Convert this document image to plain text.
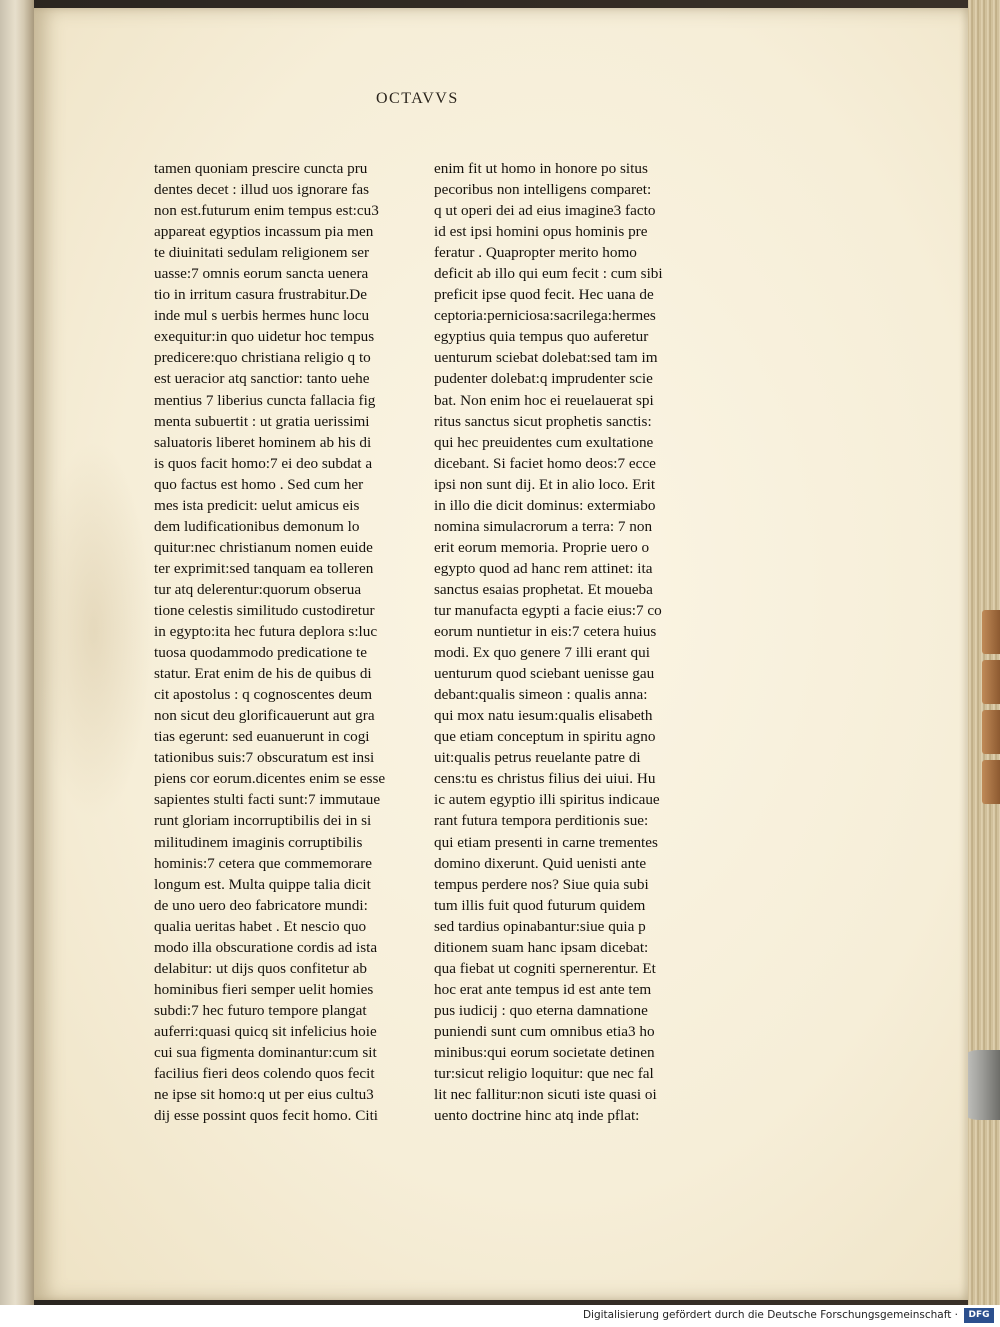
OCTAVVS
tamen quoniam prescire cuncta pru
dentes decet : illud uos ignorare fas
non est.futurum enim tempus est:cu3
appareat egyptios incassum pia men
te diuinitati sedulam religionem ser
uasse:7 omnis eorum sancta uenera
tio in irritum casura frustrabitur.De
inde mul s uerbis hermes hunc locu
exequitur:in quo uidetur hoc tempus
predicere:quo christiana religio q to
est ueracior atq sanctior: tanto uehe
mentius 7 liberius cuncta fallacia fig
menta subuertit : ut gratia uerissimi
saluatoris liberet hominem ab his di
is quos facit homo:7 ei deo subdat a
quo factus est homo . Sed cum her
mes ista predicit: uelut amicus eis
dem ludificationibus demonum lo
quitur:nec christianum nomen euide
ter exprimit:sed tanquam ea tolleren
tur atq delerentur:quorum obserua
tione celestis similitudo custodiretur
in egypto:ita hec futura deplora s:luc
tuosa quodammodo predicatione te
statur. Erat enim de his de quibus di
cit apostolus : q cognoscentes deum
non sicut deu glorificauerunt aut gra
tias egerunt: sed euanuerunt in cogi
tationibus suis:7 obscuratum est insi
piens cor eorum.dicentes enim se esse
sapientes stulti facti sunt:7 immutaue
runt gloriam incorruptibilis dei in si
militudinem imaginis corruptibilis
hominis:7 cetera que commemorare
longum est. Multa quippe talia dicit
de uno uero deo fabricatore mundi:
qualia ueritas habet . Et nescio quo
modo illa obscuratione cordis ad ista
delabitur: ut dijs quos confitetur ab
hominibus fieri semper uelit homies
subdi:7 hec futuro tempore plangat
auferri:quasi quicq sit infelicius hoie
cui sua figmenta dominantur:cum sit
facilius fieri deos colendo quos fecit
ne ipse sit homo:q ut per eius cultu3
dij esse possint quos fecit homo. Citi
enim fit ut homo in honore po situs
pecoribus non intelligens comparet:
q ut operi dei ad eius imagine3 facto
id est ipsi homini opus hominis pre
feratur . Quapropter merito homo
deficit ab illo qui eum fecit : cum sibi
preficit ipse quod fecit. Hec uana de
ceptoria:perniciosa:sacrilega:hermes
egyptius quia tempus quo auferetur
uenturum sciebat dolebat:sed tam im
pudenter dolebat:q imprudenter scie
bat. Non enim hoc ei reuelauerat spi
ritus sanctus sicut prophetis sanctis:
qui hec preuidentes cum exultatione
dicebant. Si faciet homo deos:7 ecce
ipsi non sunt dij. Et in alio loco. Erit
in illo die dicit dominus: extermiabo
nomina simulacrorum a terra: 7 non
erit eorum memoria. Proprie uero o
egypto quod ad hanc rem attinet: ita
sanctus esaias prophetat. Et moueba
tur manufacta egypti a facie eius:7 co
eorum nuntietur in eis:7 cetera huius
modi. Ex quo genere 7 illi erant qui
uenturum quod sciebant uenisse gau
debant:qualis simeon : qualis anna:
qui mox natu iesum:qualis elisabeth
que etiam conceptum in spiritu agno
uit:qualis petrus reuelante patre di
cens:tu es christus filius dei uiui. Hu
ic autem egyptio illi spiritus indicaue
rant futura tempora perditionis sue:
qui etiam presenti in carne trementes
domino dixerunt. Quid uenisti ante
tempus perdere nos? Siue quia subi
tum illis fuit quod futurum quidem
sed tardius opinabantur:siue quia p
ditionem suam hanc ipsam dicebat:
qua fiebat ut cogniti spernerentur. Et
hoc erat ante tempus id est ante tem
pus iudicij : quo eterna damnatione
puniendi sunt cum omnibus etia3 ho
minibus:qui eorum societate detinen
tur:sicut religio loquitur: que nec fal
lit nec fallitur:non sicuti iste quasi oi
uento doctrine hinc atq inde pflat:
Digitalisierung gefördert durch die Deutsche Forschungsgemeinschaft ·	DFG
